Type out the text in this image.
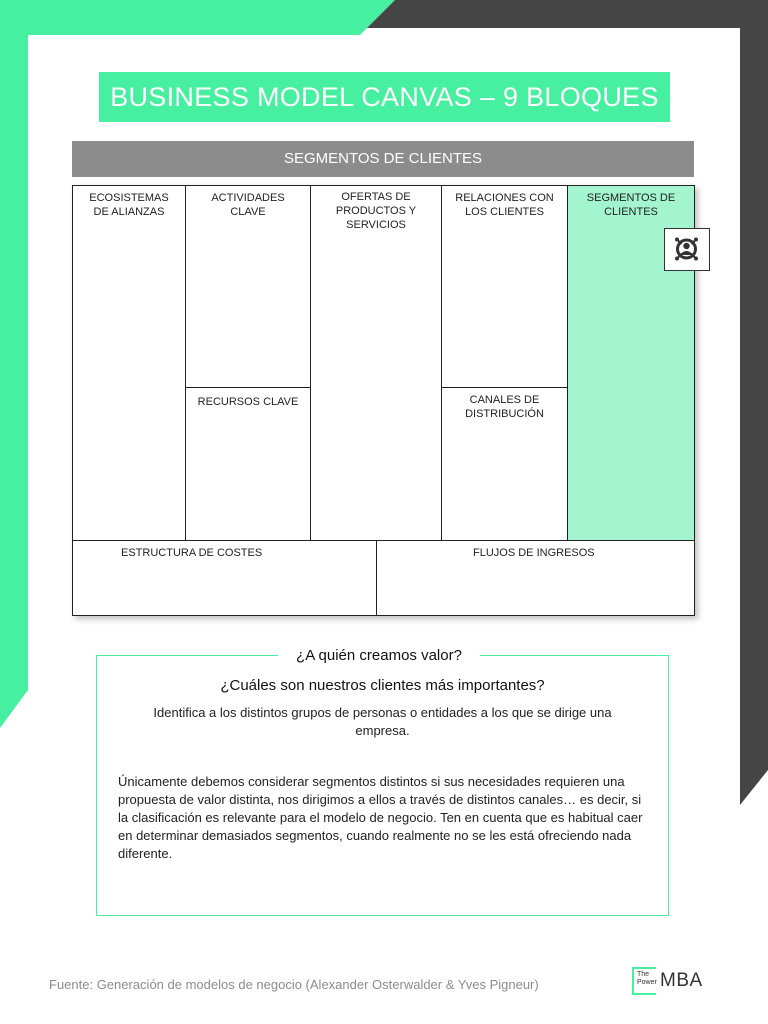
BUSINESS MODEL CANVAS – 9 BLOQUES
SEGMENTOS DE CLIENTES
ECOSISTEMAS DE ALIANZAS
ACTIVIDADES CLAVE
RECURSOS CLAVE
OFERTAS DE PRODUCTOS Y SERVICIOS
RELACIONES CON LOS CLIENTES
CANALES DE DISTRIBUCIÓN
SEGMENTOS DE CLIENTES
ESTRUCTURA DE COSTES	FLUJOS DE INGRESOS
¿A quién creamos valor?
¿Cuáles son nuestros clientes más importantes?
Identifica a los distintos grupos de personas o entidades a los que se dirige una empresa.
Únicamente debemos considerar segmentos distintos si sus necesidades requieren una propuesta de valor distinta, nos dirigimos a ellos a través de distintos canales… es decir, si la clasificación es relevante para el modelo de negocio. Ten en cuenta que es habitual caer en determinar demasiados segmentos, cuando realmente no se les está ofreciendo nada diferente.
Fuente: Generación de modelos de negocio (Alexander Osterwalder & Yves Pigneur)
The Power MBA
